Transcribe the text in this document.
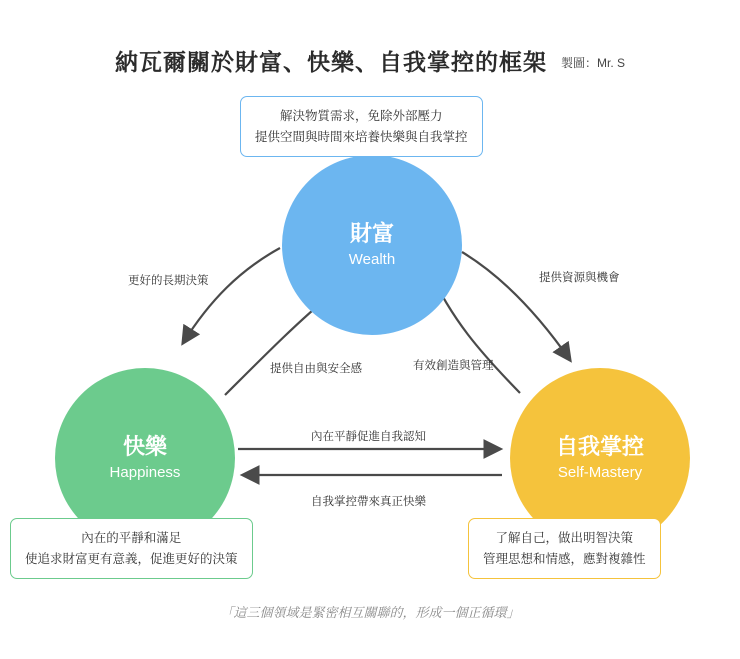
納瓦爾關於財富、快樂、自我掌控的框架 製圖：Mr. S
財富
Wealth
快樂
Happiness
自我掌控
Self-Mastery
解決物質需求，免除外部壓力
提供空間與時間來培養快樂與自我掌控
內在的平靜和滿足
使追求財富更有意義，促進更好的決策
了解自己，做出明智決策
管理思想和情感，應對複雜性
更好的長期決策
提供自由與安全感	有效創造與管理
提供資源與機會
內在平靜促進自我認知
自我掌控帶來真正快樂
「這三個領域是緊密相互關聯的，形成一個正循環」
